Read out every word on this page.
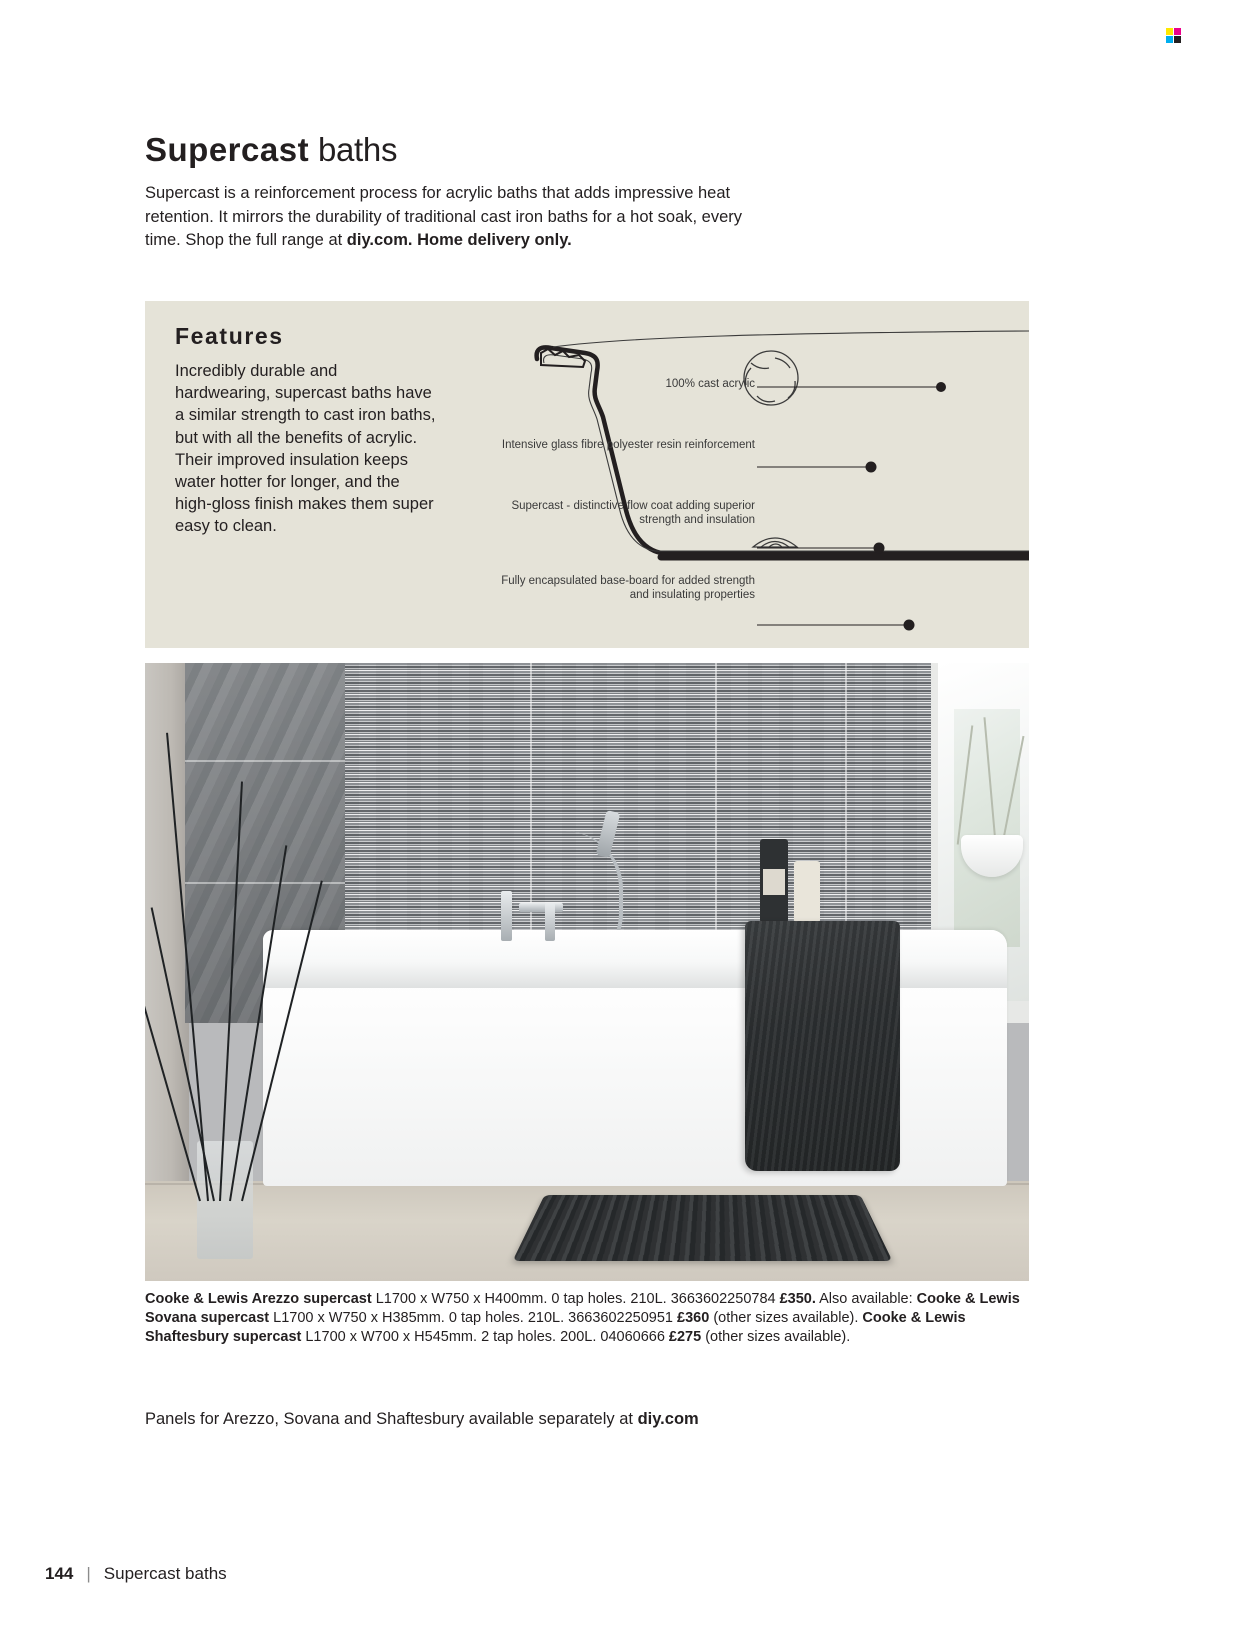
Supercast baths

Supercast is a reinforcement process for acrylic baths that adds impressive heat retention. It mirrors the durability of traditional cast iron baths for a hot soak, every time. Shop the full range at diy.com. Home delivery only.

Features
Incredibly durable and hardwearing, supercast baths have a similar strength to cast iron baths, but with all the benefits of acrylic. Their improved insulation keeps water hotter for longer, and the high-gloss finish makes them super easy to clean.
100% cast acrylic
Intensive glass fibre polyester resin reinforcement
Supercast - distinctive flow coat adding superior strength and insulation
Fully encapsulated base-board for added strength and insulating properties

Cooke & Lewis Arezzo supercast L1700 x W750 x H400mm. 0 tap holes. 210L. 3663602250784 £350. Also available: Cooke & Lewis Sovana supercast L1700 x W750 x H385mm. 0 tap holes. 210L. 3663602250951 £360 (other sizes available). Cooke & Lewis Shaftesbury supercast L1700 x W700 x H545mm. 2 tap holes. 200L. 04060666 £275 (other sizes available).

Panels for Arezzo, Sovana and Shaftesbury available separately at diy.com

144 | Supercast baths
